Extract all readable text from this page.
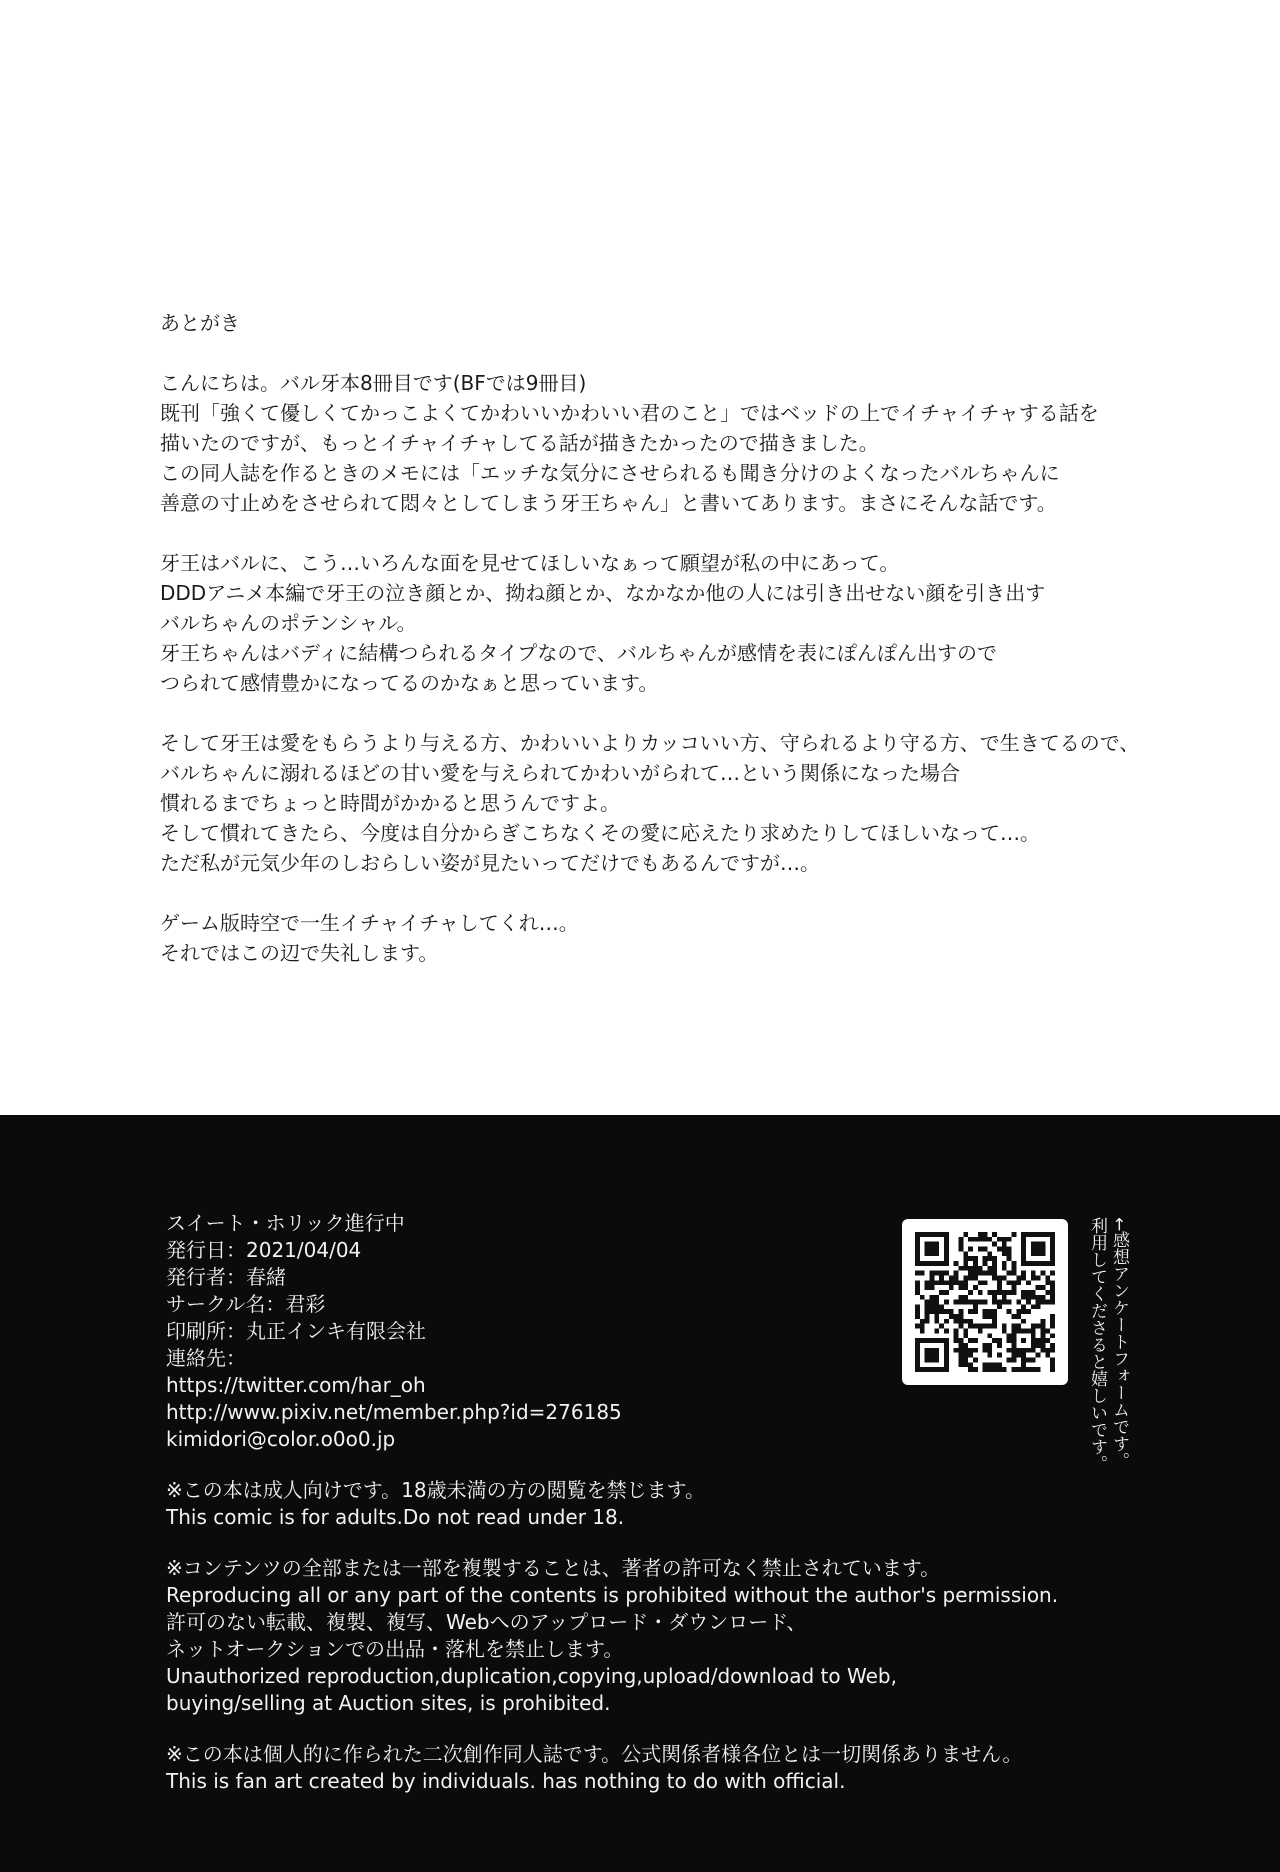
あとがき

こんにちは。バル牙本8冊目です(BFでは9冊目)
既刊「強くて優しくてかっこよくてかわいいかわいい君のこと」ではベッドの上でイチャイチャする話を
描いたのですが、もっとイチャイチャしてる話が描きたかったので描きました。
この同人誌を作るときのメモには「エッチな気分にさせられるも聞き分けのよくなったバルちゃんに
善意の寸止めをさせられて悶々としてしまう牙王ちゃん」と書いてあります。まさにそんな話です。

牙王はバルに、こう…いろんな面を見せてほしいなぁって願望が私の中にあって。
DDDアニメ本編で牙王の泣き顔とか、拗ね顔とか、なかなか他の人には引き出せない顔を引き出す
バルちゃんのポテンシャル。
牙王ちゃんはバディに結構つられるタイプなので、バルちゃんが感情を表にぽんぽん出すので
つられて感情豊かになってるのかなぁと思っています。

そして牙王は愛をもらうより与える方、かわいいよりカッコいい方、守られるより守る方、で生きてるので、
バルちゃんに溺れるほどの甘い愛を与えられてかわいがられて…という関係になった場合
慣れるまでちょっと時間がかかると思うんですよ。
そして慣れてきたら、今度は自分からぎこちなくその愛に応えたり求めたりしてほしいなって…。
ただ私が元気少年のしおらしい姿が見たいってだけでもあるんですが…。

ゲーム版時空で一生イチャイチャしてくれ…。
それではこの辺で失礼します。

スイート・ホリック進行中
発行日：2021/04/04
発行者：春緒
サークル名：君彩
印刷所：丸正インキ有限会社
連絡先：
https://twitter.com/har_oh
http://www.pixiv.net/member.php?id=276185
kimidori@color.o0o0.jp

※この本は成人向けです。18歳未満の方の閲覧を禁じます。
This comic is for adults.Do not read under 18.

※コンテンツの全部または一部を複製することは、著者の許可なく禁止されています。
Reproducing all or any part of the contents is prohibited without the author's permission.
許可のない転載、複製、複写、Webへのアップロード・ダウンロード、
ネットオークションでの出品・落札を禁止します。
Unauthorized reproduction,duplication,copying,upload/download to Web,
buying/selling at Auction sites, is prohibited.

※この本は個人的に作られた二次創作同人誌です。公式関係者様各位とは一切関係ありません。
This is fan art created by individuals. has nothing to do with official.

←感想アンケートフォームです。
利用してくださると嬉しいです。
